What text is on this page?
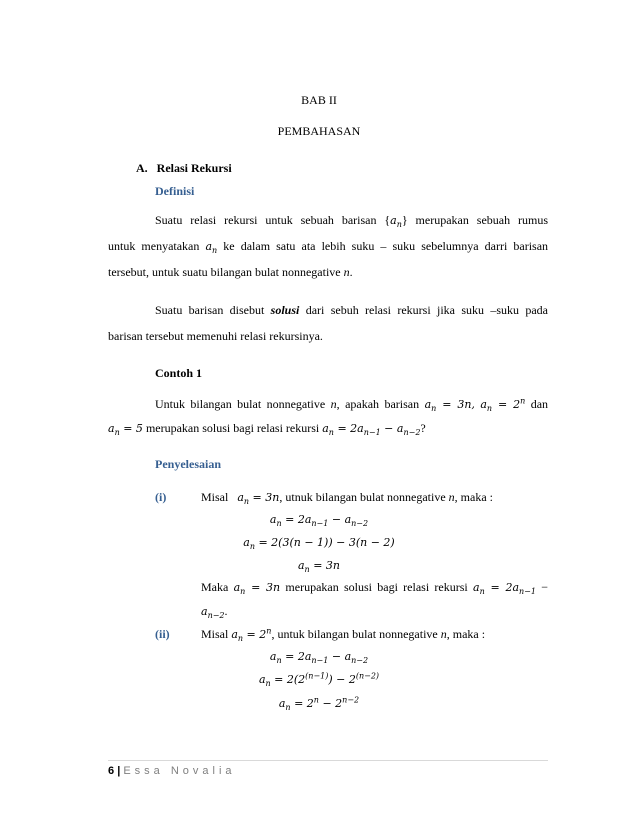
BAB II
PEMBAHASAN
A. Relasi Rekursi
Definisi
Suatu relasi rekursi untuk sebuah barisan $\{a_n\}$ merupakan sebuah rumus
untuk menyatakan $a_n$ ke dalam satu ata lebih suku – suku sebelumnya darri barisan
tersebut, untuk suatu bilangan bulat nonnegative n.
Suatu barisan disebut solusi dari sebuh relasi rekursi jika suku –suku pada
barisan tersebut memenuhi relasi rekursinya.
Contoh 1
Untuk bilangan bulat nonnegative n, apakah barisan $a_n = 3n$, $a_n = 2^n$ dan
$a_n = 5$ merupakan solusi bagi relasi rekursi $a_n = 2a_{n-1} - a_{n-2}$?
Penyelesaian
(i)	Misal $a_n = 3n$, utnuk bilangan bulat nonnegative n, maka :
$a_n = 2a_{n-1} - a_{n-2}$
$a_n = 2(3(n - 1)) - 3(n - 2)$
$a_n = 3n$
Maka $a_n = 3n$ merupakan solusi bagi relasi rekursi $a_n = 2a_{n-1}$ −
$a_{n-2}$.
(ii)	Misal $a_n = 2^n$, untuk bilangan bulat nonnegative n, maka :
$a_n = 2a_{n-1} - a_{n-2}$
$a_n = 2(2^{(n-1)}) - 2^{(n-2)}$
$a_n = 2^n - 2^{n-2}$
6 | Essa Novalia
